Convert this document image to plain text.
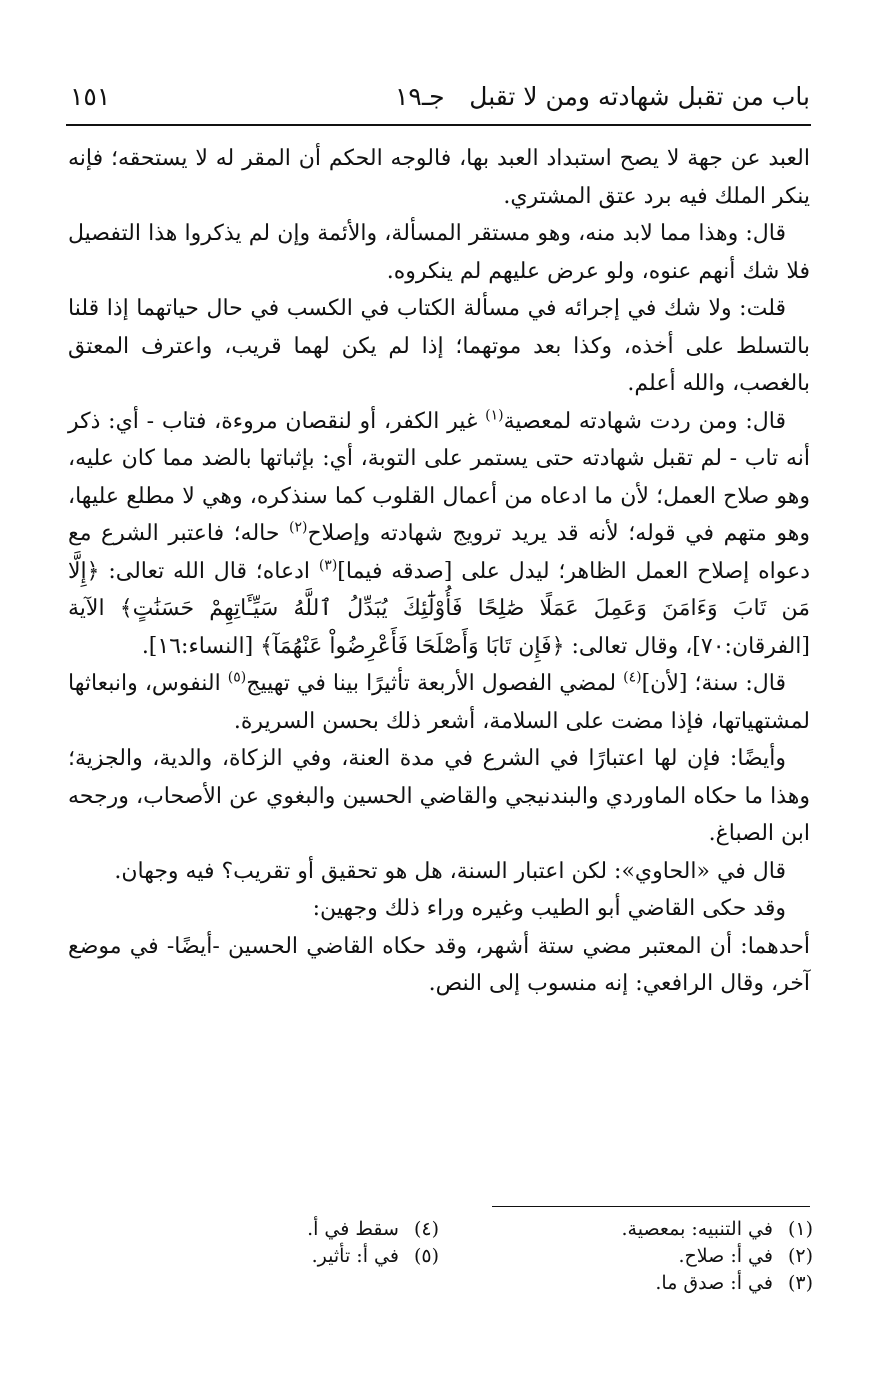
باب من تقبل شهادته ومن لا تقبل
جـ١٩
١٥١

العبد عن جهة لا يصح استبداد العبد بها، فالوجه الحكم أن المقر له لا يستحقه؛ فإنه ينكر الملك فيه برد عتق المشتري.

قال: وهذا مما لابد منه، وهو مستقر المسألة، والأئمة وإن لم يذكروا هذا التفصيل فلا شك أنهم عنوه، ولو عرض عليهم لم ينكروه.

قلت: ولا شك في إجرائه في مسألة الكتاب في الكسب في حال حياتهما إذا قلنا بالتسلط على أخذه، وكذا بعد موتهما؛ إذا لم يكن لهما قريب، واعترف المعتق بالغصب، والله أعلم.

قال: ومن ردت شهادته لمعصية$^{(١)}$ غير الكفر، أو لنقصان مروءة، فتاب - أي: ذكر أنه تاب - لم تقبل شهادته حتى يستمر على التوبة، أي: بإثباتها بالضد مما كان عليه، وهو صلاح العمل؛ لأن ما ادعاه من أعمال القلوب كما سنذكره، وهي لا مطلع عليها، وهو متهم في قوله؛ لأنه قد يريد ترويج شهادته وإصلاح$^{(٢)}$ حاله؛ فاعتبر الشرع مع دعواه إصلاح العمل الظاهر؛ ليدل على [صدقه فيما]$^{(٣)}$ ادعاه؛ قال الله تعالى: ﴿إِلَّا مَن تَابَ وَءَامَنَ وَعَمِلَ عَمَلًا صَٰلِحًا فَأُوْلَٰٓئِكَ يُبَدِّلُ ٱللَّهُ سَيِّـَٔاتِهِمْ حَسَنَٰتٍ﴾ الآية [الفرقان:٧٠]، وقال تعالى: ﴿فَإِن تَابَا وَأَصْلَحَا فَأَعْرِضُواْ عَنْهُمَآ﴾ [النساء:١٦].

قال: سنة؛ [لأن]$^{(٤)}$ لمضي الفصول الأربعة تأثيرًا بينا في تهييج$^{(٥)}$ النفوس، وانبعاثها لمشتهياتها، فإذا مضت على السلامة، أشعر ذلك بحسن السريرة.

وأيضًا: فإن لها اعتبارًا في الشرع في مدة العنة، وفي الزكاة، والدية، والجزية؛ وهذا ما حكاه الماوردي والبندنيجي والقاضي الحسين والبغوي عن الأصحاب، ورجحه ابن الصباغ.

قال في «الحاوي»: لكن اعتبار السنة، هل هو تحقيق أو تقريب؟ فيه وجهان.

وقد حكى القاضي أبو الطيب وغيره وراء ذلك وجهين:

أحدهما: أن المعتبر مضي ستة أشهر، وقد حكاه القاضي الحسين -أيضًا- في موضع آخر، وقال الرافعي: إنه منسوب إلى النص.

(١) في التنبيه: بمعصية.
(٢) في أ: صلاح.
(٣) في أ: صدق ما.
(٤) سقط في أ.
(٥) في أ: تأثير.
